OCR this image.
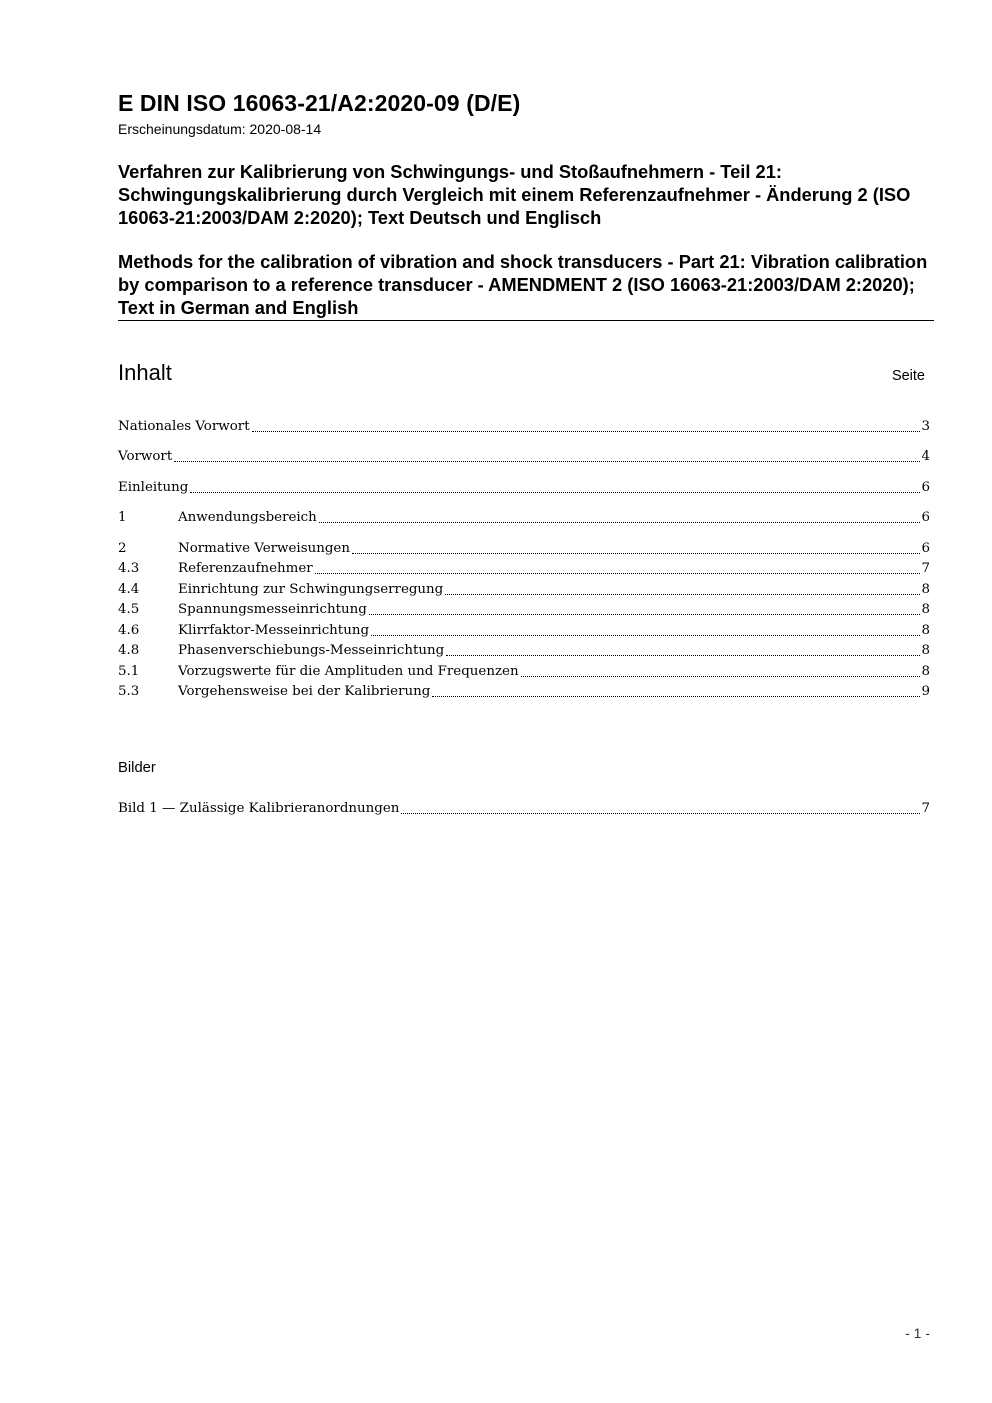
E DIN ISO 16063-21/A2:2020-09 (D/E)
Erscheinungsdatum: 2020-08-14
Verfahren zur Kalibrierung von Schwingungs- und Stoßaufnehmern - Teil 21: Schwingungskalibrierung durch Vergleich mit einem Referenzaufnehmer - Änderung 2 (ISO 16063-21:2003/DAM 2:2020); Text Deutsch und Englisch
Methods for the calibration of vibration and shock transducers - Part 21: Vibration calibration by comparison to a reference transducer - AMENDMENT 2 (ISO 16063-21:2003/DAM 2:2020); Text in German and English
Inhalt	Seite
Nationales Vorwort	3
Vorwort	4
Einleitung	6
1	Anwendungsbereich	6
2	Normative Verweisungen	6
4.3	Referenzaufnehmer	7
4.4	Einrichtung zur Schwingungserregung	8
4.5	Spannungsmesseinrichtung	8
4.6	Klirrfaktor-Messeinrichtung	8
4.8	Phasenverschiebungs-Messeinrichtung	8
5.1	Vorzugswerte für die Amplituden und Frequenzen	8
5.3	Vorgehensweise bei der Kalibrierung	9
Bilder
Bild 1 — Zulässige Kalibrieranordnungen	7
- 1 -
